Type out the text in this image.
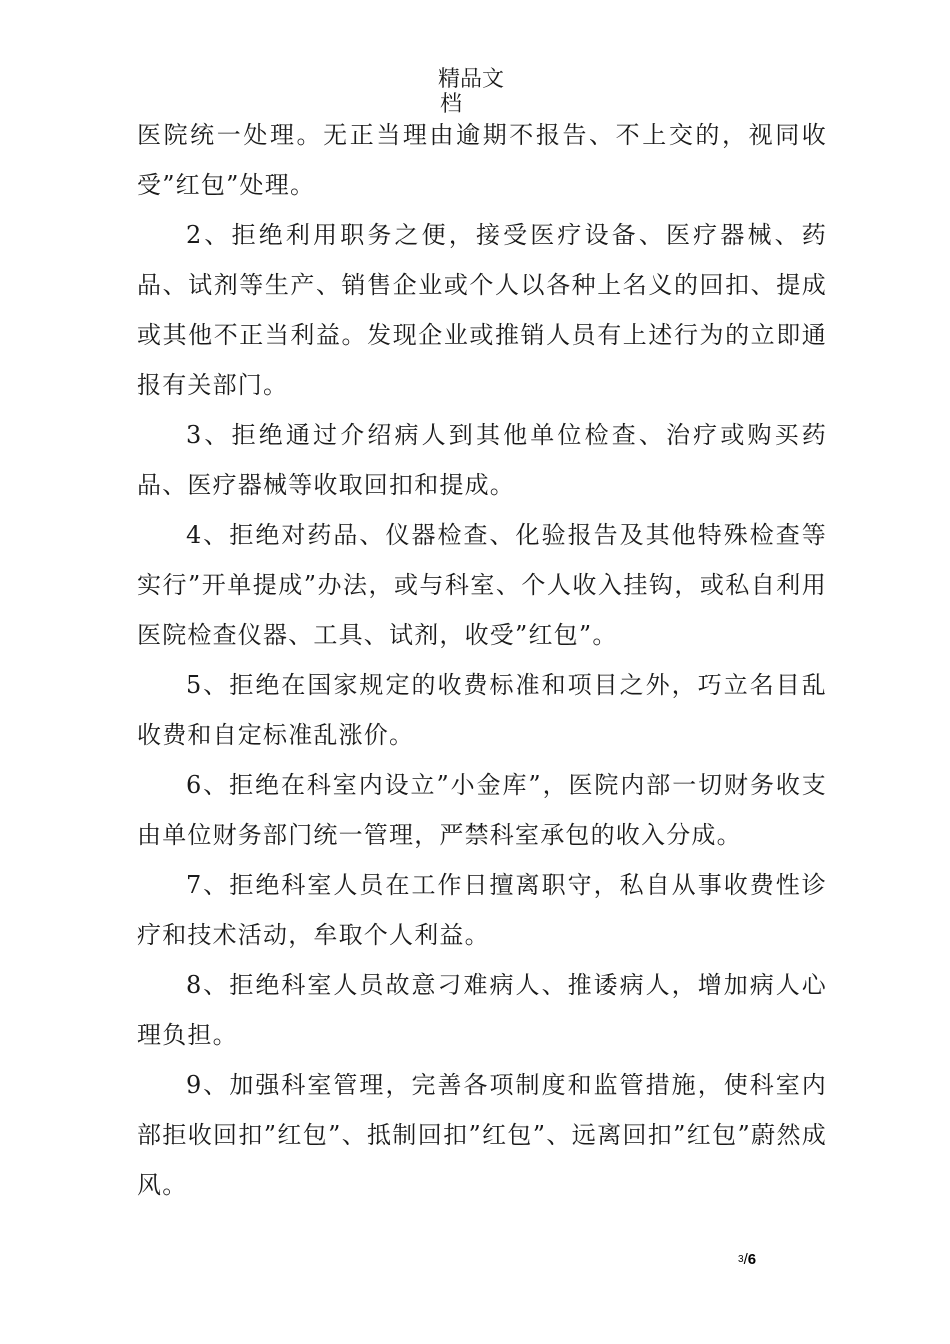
精品文
档

医院统一处理。无正当理由逾期不报告、不上交的，视同收受”红包”处理。

2、拒绝利用职务之便，接受医疗设备、医疗器械、药品、试剂等生产、销售企业或个人以各种上名义的回扣、提成或其他不正当利益。发现企业或推销人员有上述行为的立即通报有关部门。

3、拒绝通过介绍病人到其他单位检查、治疗或购买药品、医疗器械等收取回扣和提成。

4、拒绝对药品、仪器检查、化验报告及其他特殊检查等实行”开单提成”办法，或与科室、个人收入挂钩，或私自利用医院检查仪器、工具、试剂，收受”红包”。

5、拒绝在国家规定的收费标准和项目之外，巧立名目乱收费和自定标准乱涨价。

6、拒绝在科室内设立”小金库”，医院内部一切财务收支由单位财务部门统一管理，严禁科室承包的收入分成。

7、拒绝科室人员在工作日擅离职守，私自从事收费性诊疗和技术活动，牟取个人利益。

8、拒绝科室人员故意刁难病人、推诿病人，增加病人心理负担。

9、加强科室管理，完善各项制度和监管措施，使科室内部拒收回扣”红包”、抵制回扣”红包”、远离回扣”红包”蔚然成风。

3/6
